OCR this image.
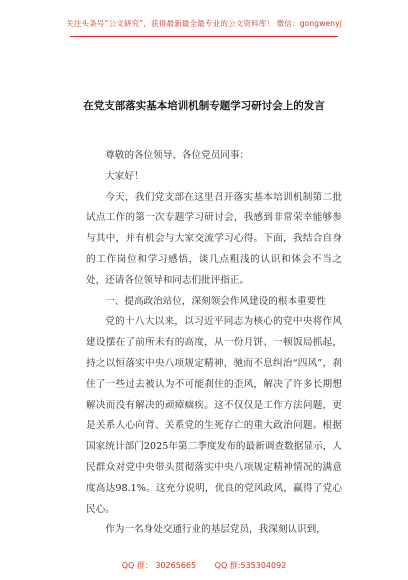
关注头条号“公文研究”，获得最新最全最专业的公文资料库！ 微信：gongwenyj
在党支部落实基本培训机制专题学习研讨会上的发言

尊敬的各位领导、各位党员同事：

大家好！

今天，我们党支部在这里召开落实基本培训机制第二批试点工作的第一次专题学习研讨会，我感到非常荣幸能够参与其中，并有机会与大家交流学习心得。下面，我结合自身的工作岗位和学习感悟，谈几点粗浅的认识和体会不当之处，还请各位领导和同志们批评指正。

一、提高政治站位，深刻领会作风建设的根本重要性

党的十八大以来，以习近平同志为核心的党中央将作风建设摆在了前所未有的高度，从一份月饼、一顿饭局抓起，持之以恒落实中央八项规定精神，驰而不息纠治“四风”，刹住了一些过去被认为不可能刹住的歪风，解决了许多长期想解决而没有解决的顽瘴痼疾。这不仅仅是工作方法问题，更是关系人心向背、关系党的生死存亡的重大政治问题。根据国家统计部门2025年第二季度发布的最新调查数据显示，人民群众对党中央带头贯彻落实中央八项规定精神情况的满意度高达98.1%。这充分说明，优良的党风政风，赢得了党心民心。

作为一名身处交通行业的基层党员，我深刻认识到，

QQ 群： 30265665 QQ 群:535304092
